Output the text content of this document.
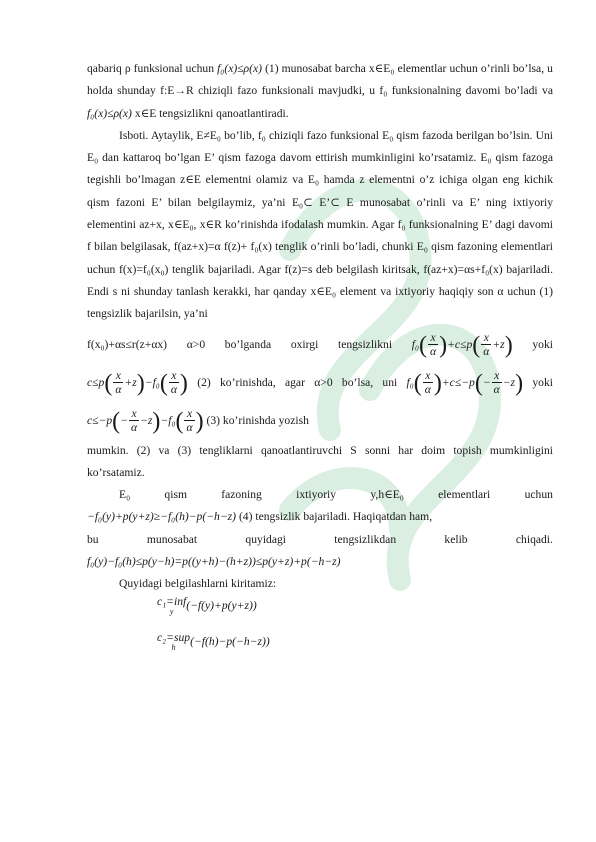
qabariq ρ funksional uchun f₀(x)≤ρ(x) (1) munosabat barcha x∈E₀ elementlar uchun o’rinli bo’lsa, u holda shunday f:E→R chiziqli fazo funksionali mavjudki, u f₀ funksionalning davomi bo’ladi va f₀(x)≤ρ(x) x∈E tengsizlikni qanoatlantiradi.

Isboti. Aytaylik, E≠E₀ bo’lib, f₀ chiziqli fazo funksional E₀ qism fazoda berilgan bo’lsin. Uni E₀ dan kattaroq bo’lgan E’ qism fazoga davom ettirish mumkinligini ko’rsatamiz. E₀ qism fazoga tegishli bo’lmagan z∈E elementni olamiz va E₀ hamda z elementni o’z ichiga olgan eng kichik qism fazoni E’ bilan belgilaymiz, ya’ni E₀⊂ E’⊂ E munosabat o’rinli va E’ ning ixtiyoriy elementini az+x, x∈E₀, x∈R ko’rinishda ifodalash mumkin. Agar f₀ funksionalning E’ dagi davomi f bilan belgilasak, f(az+x)=α f(z)+ f₀(x) tenglik o’rinli bo’ladi, chunki E₀ qism fazoning elementlari uchun f(x)=f₀(x₀) tenglik bajariladi. Agar f(z)=s deb belgilash kiritsak, f(az+x)=αs+f₀(x) bajariladi. Endi s ni shunday tanlash kerakki, har qanday x∈E₀ element va ixtiyoriy haqiqiy son α uchun (1) tengsizlik bajarilsin, ya’ni

f(x₀)+αs≤r(z+αx) α>0 bo’lganda oxirgi tengsizlikni $f_0( \frac{x}{\alpha} )+c\le p( \frac{x}{\alpha} +z)$ yoki $c\le p( \frac{x}{\alpha} +z)-f_0( \frac{x}{\alpha}$ ) (2) ko’rinishda, agar α>0 bo’lsa, uni $f_0( \frac{x}{\alpha} )+c\le-p(- \frac{x}{\alpha} -z)$ yoki $c\le-p(- \frac{x}{\alpha} -z)-f_0( \frac{x}{\alpha}$ ) (3) ko’rinishda yozish

mumkin. (2) va (3) tengliklarni qanoatlantiruvchi S sonni har doim topish mumkinligini ko’rsatamiz.

E₀	qism	fazoning	ixtiyoriy	y,h∈E₀	elementlari	uchun

−f₀(y)+p(y+z)≥−f₀(h)−p(−h−z) (4) tengsizlik bajariladi. Haqiqatdan ham,

bu	munosabat	quyidagi	tengsizlikdan	kelib	chiqadi.

f₀(y)−f₀(h)≤p(y−h)=p((y+h)−(h+z))≤p(y+z)+p(−h−z)

Quyidagi belgilashlarni kiritamiz:

c₁=inf
y	(−f(y)+p(y+z))
c₂=sup
h	(−f(h)−p(−h−z))
